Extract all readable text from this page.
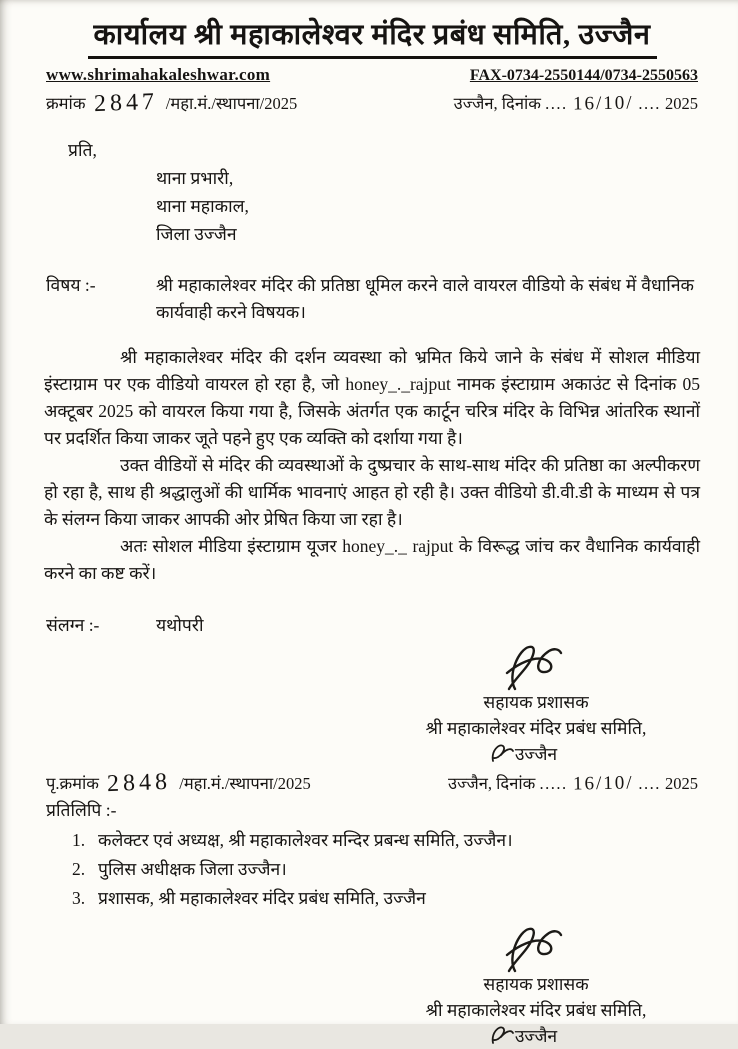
कार्यालय श्री महाकालेश्वर मंदिर प्रबंध समिति, उज्जैन
www.shrimahakaleshwar.com	FAX-0734-2550144/0734-2550563
क्रमांक 2847 /महा.मं./स्थापना/2025	उज्जैन, दिनांक .... 16/10/ .... 2025
प्रति,
थाना प्रभारी,
थाना महाकाल,
जिला उज्जैन
विषय :-	श्री महाकालेश्वर मंदिर की प्रतिष्ठा धूमिल करने वाले वायरल वीडियो के संबंध में वैधानिक कार्यवाही करने विषयक।

श्री महाकालेश्वर मंदिर की दर्शन व्यवस्था को भ्रमित किये जाने के संबंध में सोशल मीडिया इंस्टाग्राम पर एक वीडियो वायरल हो रहा है, जो honey_._rajput नामक इंस्टाग्राम अकाउंट से दिनांक 05 अक्टूबर 2025 को वायरल किया गया है, जिसके अंतर्गत एक कार्टून चरित्र मंदिर के विभिन्न आंतरिक स्थानों पर प्रदर्शित किया जाकर जूते पहने हुए एक व्यक्ति को दर्शाया गया है।

उक्त वीडियों से मंदिर की व्यवस्थाओं के दुष्प्रचार के साथ-साथ मंदिर की प्रतिष्ठा का अल्पीकरण हो रहा है, साथ ही श्रद्धालुओं की धार्मिक भावनाएं आहत हो रही है। उक्त वीडियो डी.वी.डी के माध्यम से पत्र के संलग्न किया जाकर आपकी ओर प्रेषित किया जा रहा है।

अतः सोशल मीडिया इंस्टाग्राम यूजर honey_._ rajput के विरूद्ध जांच कर वैधानिक कार्यवाही करने का कष्ट करें।

संलग्न :-	यथोपरी
सहायक प्रशासक
श्री महाकालेश्वर मंदिर प्रबंध समिति,
उज्जैन
पृ.क्रमांक 2848 /महा.मं./स्थापना/2025	उज्जैन, दिनांक ..... 16/10/ .... 2025
प्रतिलिपि :-
1. कलेक्टर एवं अध्यक्ष, श्री महाकालेश्वर मन्दिर प्रबन्ध समिति, उज्जैन।
2. पुलिस अधीक्षक जिला उज्जैन।
3. प्रशासक, श्री महाकालेश्वर मंदिर प्रबंध समिति, उज्जैन
सहायक प्रशासक
श्री महाकालेश्वर मंदिर प्रबंध समिति,
उज्जैन
